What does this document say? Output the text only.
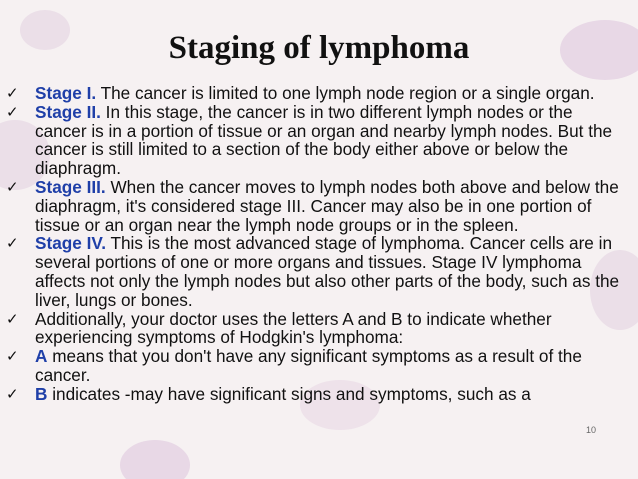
Staging of lymphoma
✓ Stage I. The cancer is limited to one lymph node region or a single organ.
✓ Stage II. In this stage, the cancer is in two different lymph nodes or the cancer is in a portion of tissue or an organ and nearby lymph nodes. But the cancer is still limited to a section of the body either above or below the diaphragm.
✓ Stage III. When the cancer moves to lymph nodes both above and below the diaphragm, it's considered stage III. Cancer may also be in one portion of tissue or an organ near the lymph node groups or in the spleen.
✓ Stage IV. This is the most advanced stage of lymphoma. Cancer cells are in several portions of one or more organs and tissues. Stage IV lymphoma affects not only the lymph nodes but also other parts of the body, such as the liver, lungs or bones.
✓ Additionally, your doctor uses the letters A and B to indicate whether experiencing symptoms of Hodgkin's lymphoma:
✓ A means that you don't have any significant symptoms as a result of the cancer.
✓ B indicates -may have significant signs and symptoms, such as a
10
